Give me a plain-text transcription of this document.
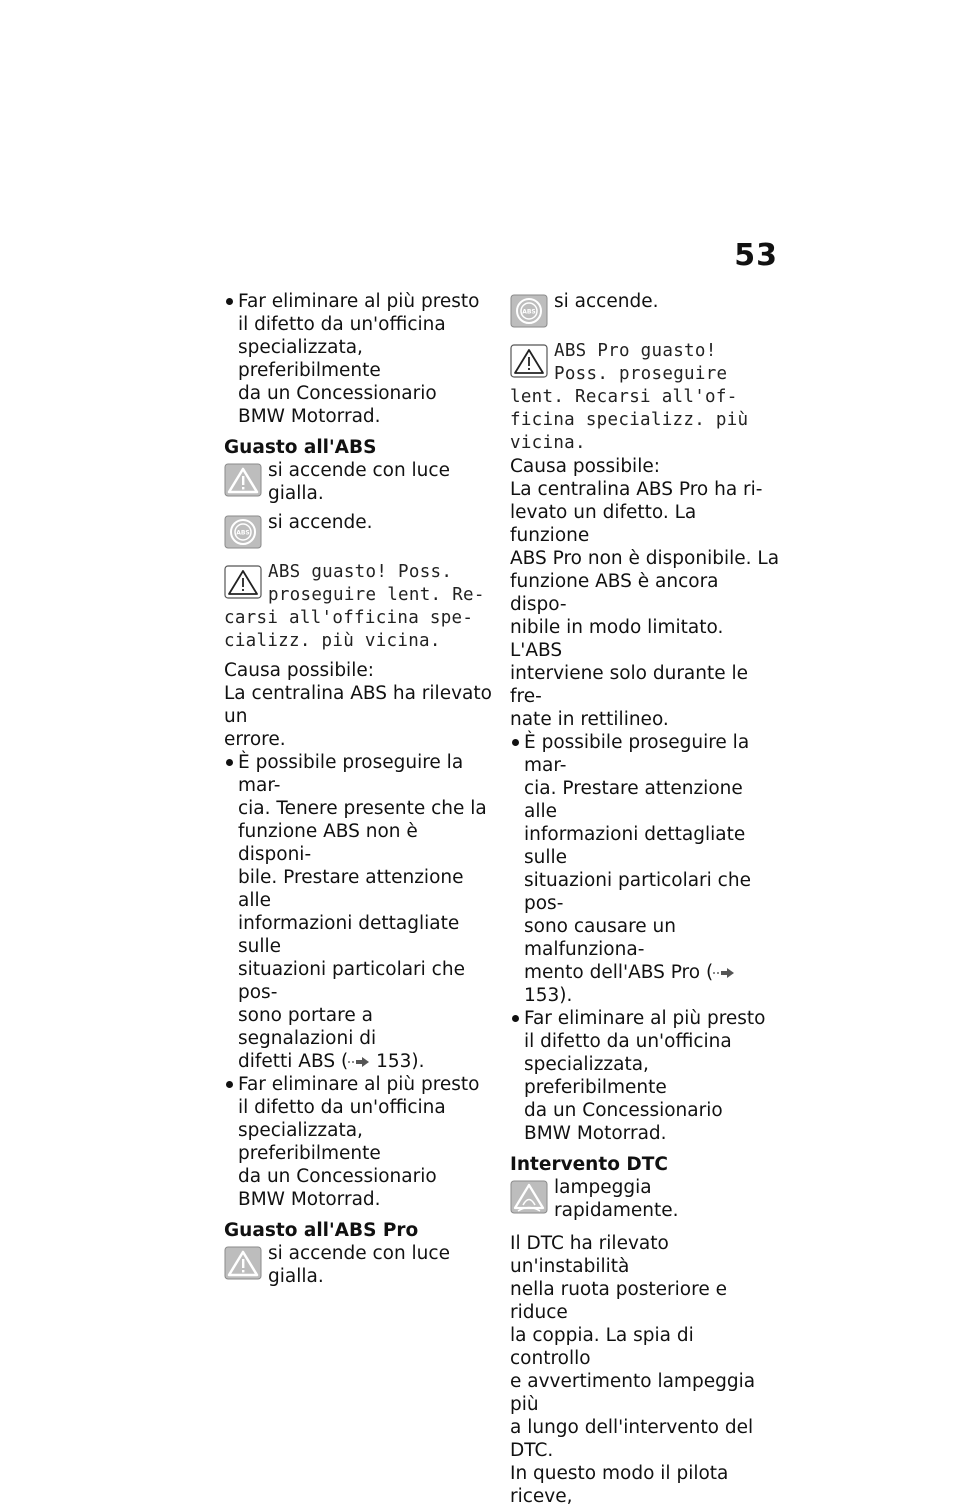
53
Far eliminare al più presto
il difetto da un'officina
specializzata, preferibilmente
da un Concessionario
BMW Motorrad.

Guasto all'ABS

si accende con luce gialla.
ABS si accende.
ABS guasto! Poss.
proseguire lent. Re-
carsi all'officina spe-
cializz. più vicina.

Causa possibile:

La centralina ABS ha rilevato un

errore.

È possibile proseguire la mar-
cia. Tenere presente che la
funzione ABS non è disponi-
bile. Prestare attenzione alle
informazioni dettagliate sulle
situazioni particolari che pos-
sono portare a segnalazioni di
difetti ABS ( 153).
Far eliminare al più presto
il difetto da un'officina
specializzata, preferibilmente
da un Concessionario
BMW Motorrad.

Guasto all'ABS Pro

si accende con luce gialla.
ABS si accende.
ABS Pro guasto!
Poss. proseguire
lent. Recarsi all'of-
ficina specializz. più
vicina.

Causa possibile:

La centralina ABS Pro ha ri-

levato un difetto. La funzione

ABS Pro non è disponibile. La

funzione ABS è ancora dispo-

nibile in modo limitato. L'ABS

interviene solo durante le fre-

nate in rettilineo.

È possibile proseguire la mar-
cia. Prestare attenzione alle
informazioni dettagliate sulle
situazioni particolari che pos-
sono causare un malfunziona-
mento dell'ABS Pro ( 153).
Far eliminare al più presto
il difetto da un'officina
specializzata, preferibilmente
da un Concessionario
BMW Motorrad.

Intervento DTC

lampeggia rapidamente.

Il DTC ha rilevato un'instabilità

nella ruota posteriore e riduce

la coppia. La spia di controllo

e avvertimento lampeggia più

a lungo dell'intervento del DTC.

In questo modo il pilota riceve,
